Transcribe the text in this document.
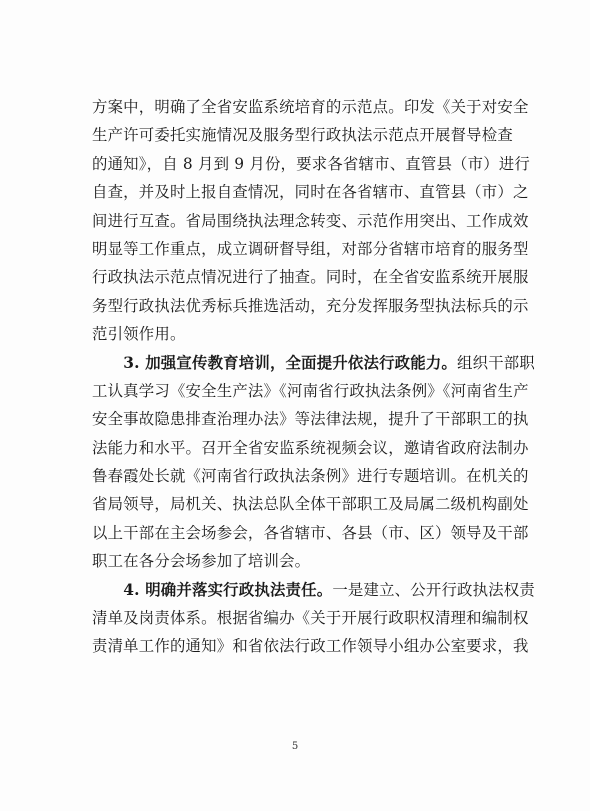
方案中，明确了全省安监系统培育的示范点。印发《关于对安全
生产许可委托实施情况及服务型行政执法示范点开展督导检查
的通知》，自 8 月到 9 月份，要求各省辖市、直管县（市）进行
自查，并及时上报自查情况，同时在各省辖市、直管县（市）之
间进行互查。省局围绕执法理念转变、示范作用突出、工作成效
明显等工作重点，成立调研督导组，对部分省辖市培育的服务型
行政执法示范点情况进行了抽查。同时，在全省安监系统开展服
务型行政执法优秀标兵推选活动，充分发挥服务型执法标兵的示
范引领作用。
　　3. 加强宣传教育培训，全面提升依法行政能力。组织干部职
工认真学习《安全生产法》《河南省行政执法条例》《河南省生产
安全事故隐患排查治理办法》等法律法规，提升了干部职工的执
法能力和水平。召开全省安监系统视频会议，邀请省政府法制办
鲁春霞处长就《河南省行政执法条例》进行专题培训。在机关的
省局领导，局机关、执法总队全体干部职工及局属二级机构副处
以上干部在主会场参会，各省辖市、各县（市、区）领导及干部
职工在各分会场参加了培训会。
　　4. 明确并落实行政执法责任。一是建立、公开行政执法权责
清单及岗责体系。根据省编办《关于开展行政职权清理和编制权
责清单工作的通知》和省依法行政工作领导小组办公室要求，我
5
